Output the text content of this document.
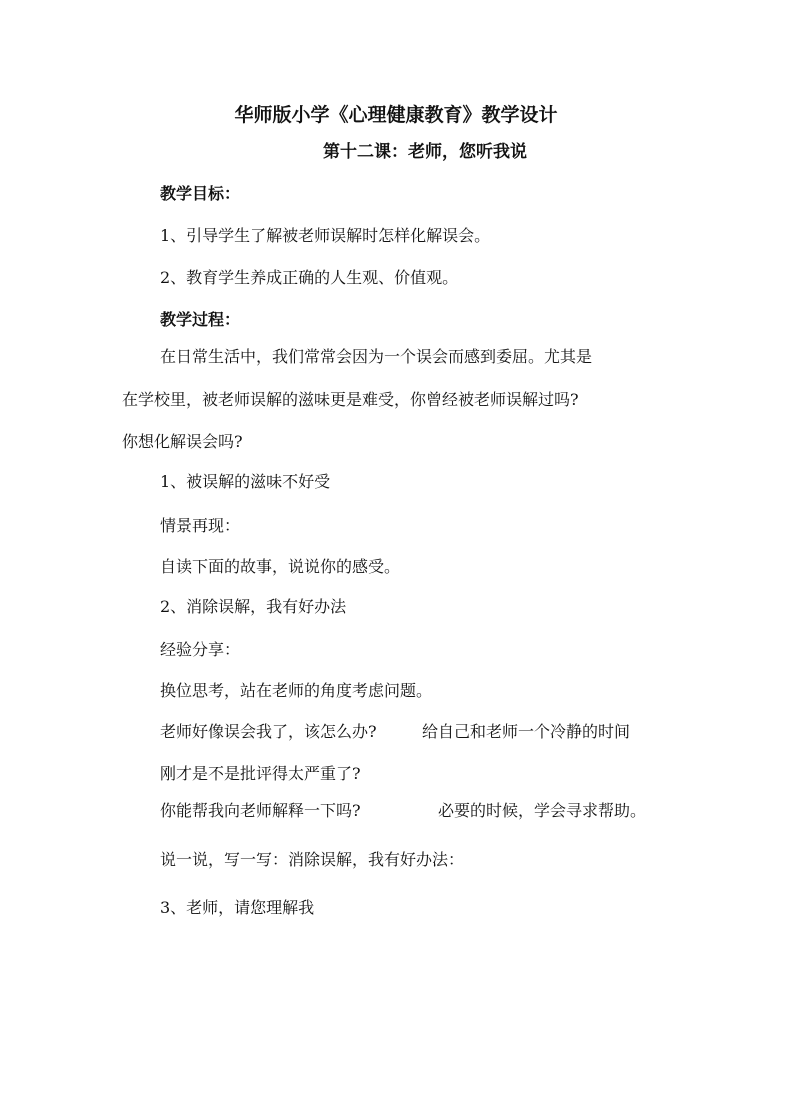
华师版小学《心理健康教育》教学设计
第十二课：老师，您听我说
教学目标：
1、引导学生了解被老师误解时怎样化解误会。
2、教育学生养成正确的人生观、价值观。
教学过程：
在日常生活中，我们常常会因为一个误会而感到委屈。尤其是
在学校里，被老师误解的滋味更是难受，你曾经被老师误解过吗?
你想化解误会吗?
1、被误解的滋味不好受
情景再现：
自读下面的故事，说说你的感受。
2、消除误解，我有好办法
经验分享：
换位思考，站在老师的角度考虑问题。
老师好像误会我了，该怎么办?	给自己和老师一个冷静的时间
刚才是不是批评得太严重了?
你能帮我向老师解释一下吗?	必要的时候，学会寻求帮助。
说一说，写一写：消除误解，我有好办法：
3、老师，请您理解我
